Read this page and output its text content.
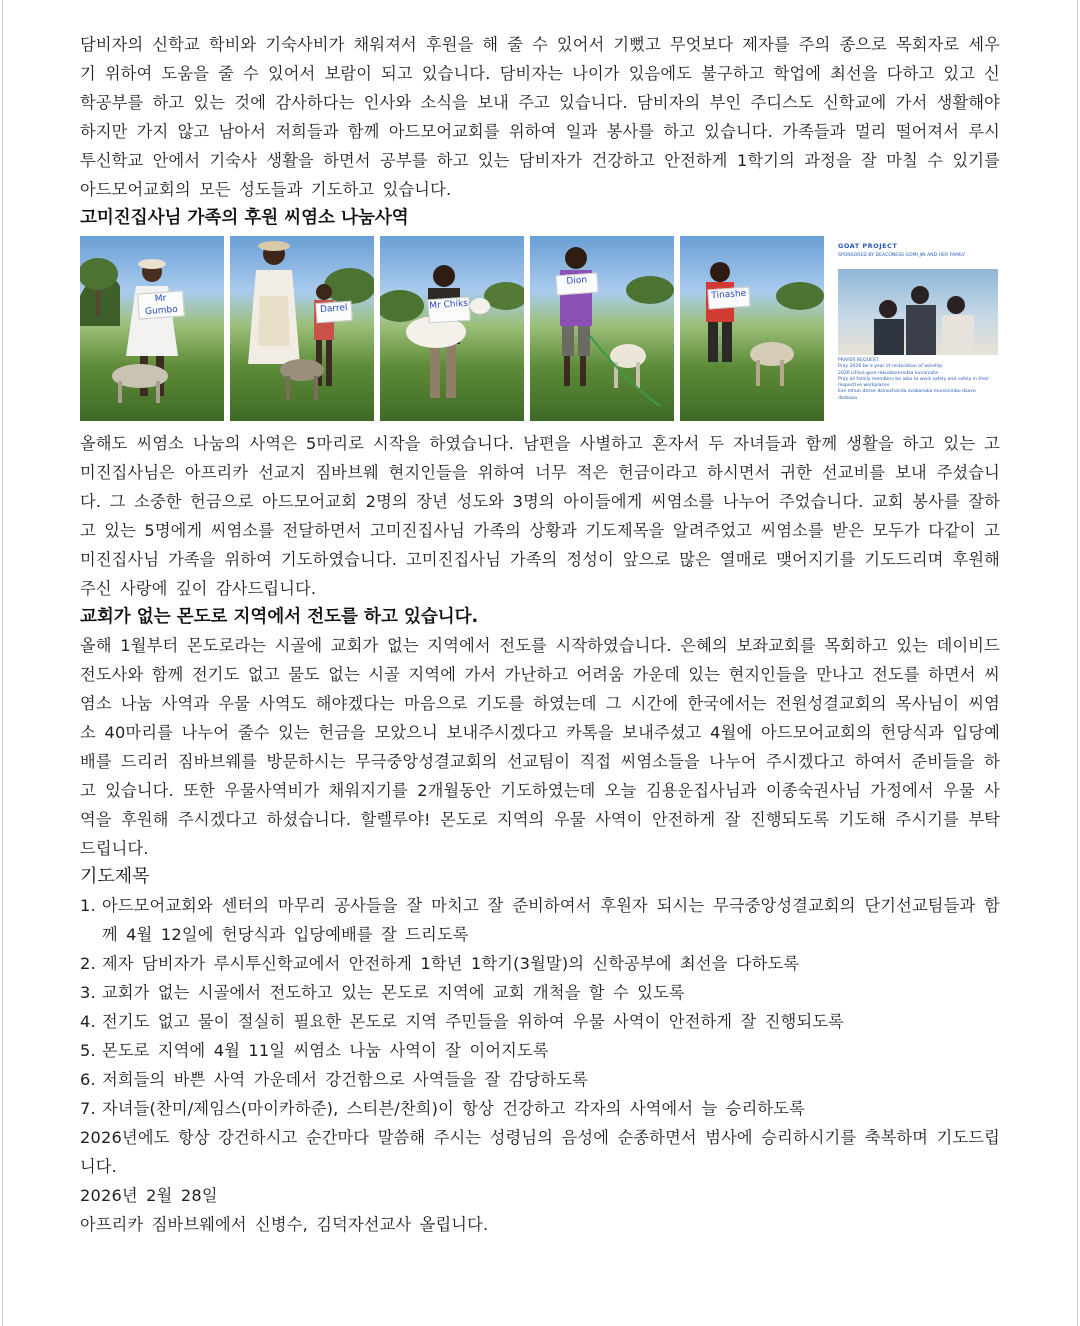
담비자의 신학교 학비와 기숙사비가 채워져서 후원을 해 줄 수 있어서 기뻤고 무엇보다 제자를 주의 종으로 목회자로 세우기 위하여 도움을 줄 수 있어서 보람이 되고 있습니다. 담비자는 나이가 있음에도 불구하고 학업에 최선을 다하고 있고 신학공부를 하고 있는 것에 감사하다는 인사와 소식을 보내 주고 있습니다. 담비자의 부인 주디스도 신학교에 가서 생활해야 하지만 가지 않고 남아서 저희들과 함께 아드모어교회를 위하여 일과 봉사를 하고 있습니다. 가족들과 멀리 떨어져서 루시투신학교 안에서 기숙사 생활을 하면서 공부를 하고 있는 담비자가 건강하고 안전하게 1학기의 과정을 잘 마칠 수 있기를 아드모어교회의 모든 성도들과 기도하고 있습니다.

고미진집사님 가족의 후원 씨염소 나눔사역
Mr Gumbo	Darrel	Mr Chiks
Dion
Tinashe
GOAT PROJECT
SPONSORED BY DEACONESS GOMI JIN AND HER FAMILY
PRAYER REQUEST:
Pray 2026 be a year of restoration of worship
2026 ichiva gore rekudzoreredza kunamata
Pray all family members be able to work safely and safely in their respective workplaces
Ese mhuri dzese dzinoshanda zvakanaka munzvimbo dzavo dzebasa

올해도 씨염소 나눔의 사역은 5마리로 시작을 하였습니다. 남편을 사별하고 혼자서 두 자녀들과 함께 생활을 하고 있는 고미진집사님은 아프리카 선교지 짐바브웨 현지인들을 위하여 너무 적은 헌금이라고 하시면서 귀한 선교비를 보내 주셨습니다. 그 소중한 헌금으로 아드모어교회 2명의 장년 성도와 3명의 아이들에게 씨염소를 나누어 주었습니다. 교회 봉사를 잘하고 있는 5명에게 씨염소를 전달하면서 고미진집사님 가족의 상황과 기도제목을 알려주었고 씨염소를 받은 모두가 다같이 고미진집사님 가족을 위하여 기도하였습니다. 고미진집사님 가족의 정성이 앞으로 많은 열매로 맺어지기를 기도드리며 후원해 주신 사랑에 깊이 감사드립니다.

교회가 없는 몬도로 지역에서 전도를 하고 있습니다.

올해 1월부터 몬도로라는 시골에 교회가 없는 지역에서 전도를 시작하였습니다. 은혜의 보좌교회를 목회하고 있는 데이비드 전도사와 함께 전기도 없고 물도 없는 시골 지역에 가서 가난하고 어려움 가운데 있는 현지인들을 만나고 전도를 하면서 씨염소 나눔 사역과 우물 사역도 해야겠다는 마음으로 기도를 하였는데 그 시간에 한국에서는 전원성결교회의 목사님이 씨염소 40마리를 나누어 줄수 있는 헌금을 모았으니 보내주시겠다고 카톡을 보내주셨고 4월에 아드모어교회의 헌당식과 입당예배를 드리러 짐바브웨를 방문하시는 무극중앙성결교회의 선교팀이 직접 씨염소들을 나누어 주시겠다고 하여서 준비들을 하고 있습니다. 또한 우물사역비가 채워지기를 2개월동안 기도하였는데 오늘 김용운집사님과 이종숙권사님 가정에서 우물 사역을 후원해 주시겠다고 하셨습니다. 할렐루야! 몬도로 지역의 우물 사역이 안전하게 잘 진행되도록 기도해 주시기를 부탁드립니다.

기도제목
1. 아드모어교회와 센터의 마무리 공사들을 잘 마치고 잘 준비하여서 후원자 되시는 무극중앙성결교회의 단기선교팀들과 함께 4월 12일에 헌당식과 입당예배를 잘 드리도록
2. 제자 담비자가 루시투신학교에서 안전하게 1학년 1학기(3월말)의 신학공부에 최선을 다하도록
3. 교회가 없는 시골에서 전도하고 있는 몬도로 지역에 교회 개척을 할 수 있도록
4. 전기도 없고 물이 절실히 필요한 몬도로 지역 주민들을 위하여 우물 사역이 안전하게 잘 진행되도록
5. 몬도로 지역에 4월 11일 씨염소 나눔 사역이 잘 이어지도록
6. 저희들의 바쁜 사역 가운데서 강건함으로 사역들을 잘 감당하도록
7. 자녀들(찬미/제임스(마이카하준), 스티븐/찬희)이 항상 건강하고 각자의 사역에서 늘 승리하도록

2026년에도 항상 강건하시고 순간마다 말씀해 주시는 성령님의 음성에 순종하면서 범사에 승리하시기를 축복하며 기도드립니다.

2026년 2월 28일

아프리카 짐바브웨에서 신병수, 김덕자선교사 올립니다.
